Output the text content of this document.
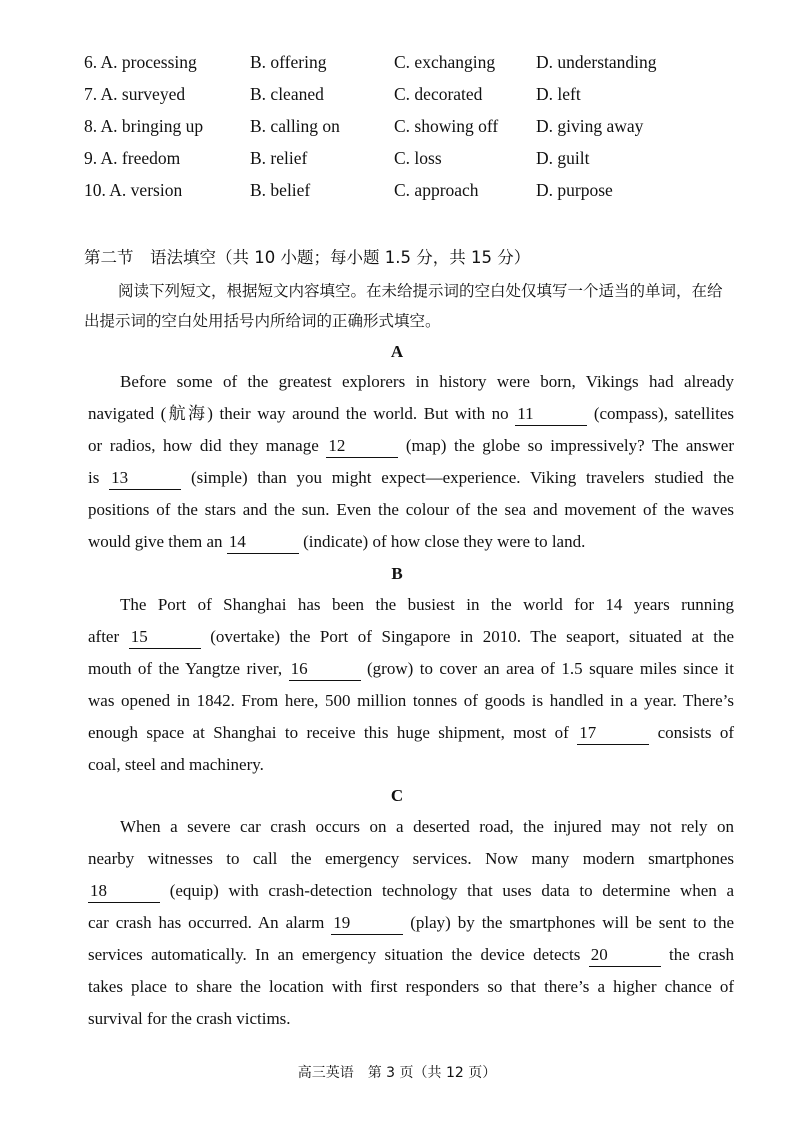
6. A. processing	B. offering	C. exchanging D. understanding
7. A. surveyed	B. cleaned	C. decorated	D. left
8. A. bringing up	B. calling on	C. showing off D. giving away
9. A. freedom	B. relief	C. loss	D. guilt
10. A. version	B. belief	C. approach	D. purpose
第二节　语法填空（共 10 小题；每小题 1.5 分，共 15 分）
阅读下列短文，根据短文内容填空。在未给提示词的空白处仅填写一个适当的单词，在给出提示词的空白处用括号内所给词的正确形式填空。
A
Before some of the greatest explorers in history were born, Vikings had already
navigated (航海) their way around the world. But with no 11	(compass), satellites
or radios, how did they manage 12	(map) the globe so impressively? The answer
is 13	(simple) than you might expect—experience. Viking travelers studied the
positions of the stars and the sun. Even the colour of the sea and movement of the waves
would give them an 14	(indicate) of how close they were to land.
B
The Port of Shanghai has been the busiest in the world for 14 years running
after 15	(overtake) the Port of Singapore in 2010. The seaport, situated at the
mouth of the Yangtze river, 16	(grow) to cover an area of 1.5 square miles since it
was opened in 1842. From here, 500 million tonnes of goods is handled in a year. There’s
enough space at Shanghai to receive this huge shipment, most of 17	consists of
coal, steel and machinery.
C
When a severe car crash occurs on a deserted road, the injured may not rely on
nearby witnesses to call the emergency services. Now many modern smartphones
18	(equip) with crash-detection technology that uses data to determine when a
car crash has occurred. An alarm 19	(play) by the smartphones will be sent to the
services automatically. In an emergency situation the device detects 20	the crash
takes place to share the location with first responders so that there’s a higher chance of
survival for the crash victims.
高三英语　第 3 页（共 12 页）
